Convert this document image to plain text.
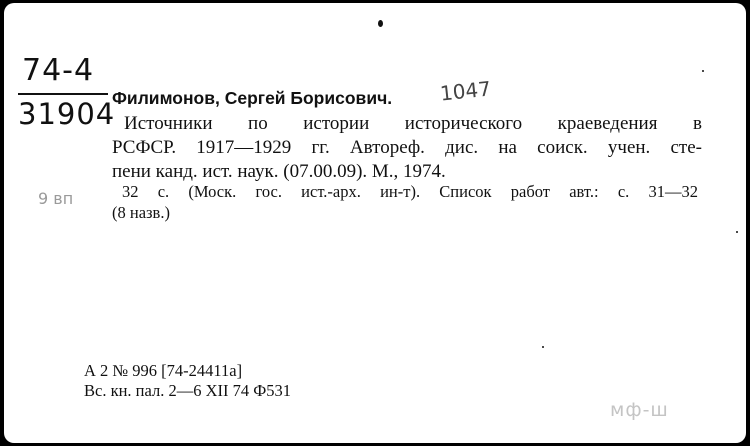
74-4
31904
Филимонов, Сергей Борисович. 1047
Источники по истории исторического краеведения в
РСФСР. 1917—1929 гг. Автореф. дис. на соиск. учен. сте-
пени канд. ист. наук. (07.00.09). М., 1974.
9 вп	32 с. (Моск. гос. ист.-арх. ин-т). Список работ авт.: с. 31—32
(8 назв.)
А 2 № 996 [74-24411а]
Вс. кн. пал. 2—6 XII 74 Ф531
мф-ш
